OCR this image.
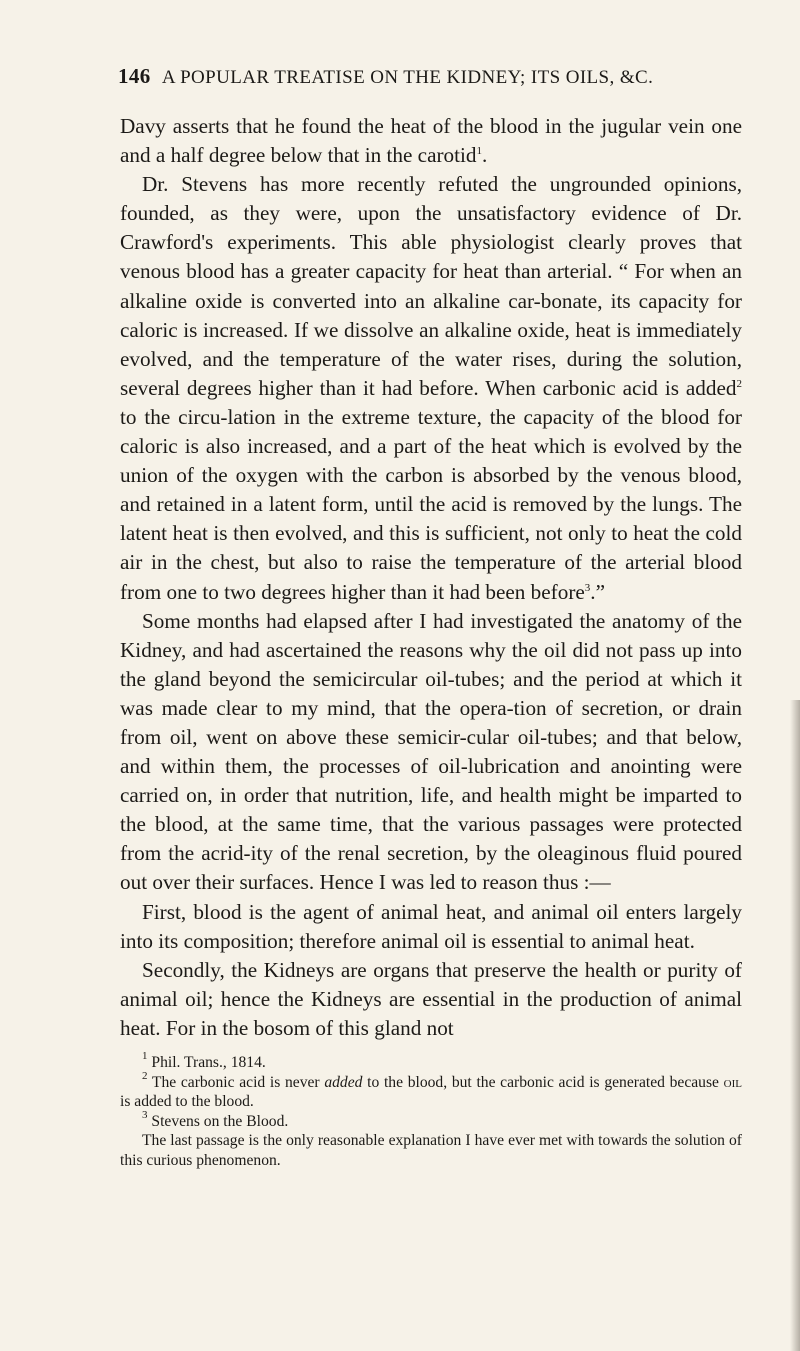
146 A POPULAR TREATISE ON THE KIDNEY; ITS OILS, &C.

Davy asserts that he found the heat of the blood in the jugular vein one and a half degree below that in the carotid$^1$.

Dr. Stevens has more recently refuted the ungrounded opinions, founded, as they were, upon the unsatisfactory evidence of Dr. Crawford's experiments. This able physiologist clearly proves that venous blood has a greater capacity for heat than arterial. “ For when an alkaline oxide is converted into an alkaline car-bonate, its capacity for caloric is increased. If we dissolve an alkaline oxide, heat is immediately evolved, and the temperature of the water rises, during the solution, several degrees higher than it had before. When carbonic acid is added$^2$ to the circu-lation in the extreme texture, the capacity of the blood for caloric is also increased, and a part of the heat which is evolved by the union of the oxygen with the carbon is absorbed by the venous blood, and retained in a latent form, until the acid is removed by the lungs. The latent heat is then evolved, and this is sufficient, not only to heat the cold air in the chest, but also to raise the temperature of the arterial blood from one to two degrees higher than it had been before$^3$.”

Some months had elapsed after I had investigated the anatomy of the Kidney, and had ascertained the reasons why the oil did not pass up into the gland beyond the semicircular oil-tubes; and the period at which it was made clear to my mind, that the opera-tion of secretion, or drain from oil, went on above these semicir-cular oil-tubes; and that below, and within them, the processes of oil-lubrication and anointing were carried on, in order that nutrition, life, and health might be imparted to the blood, at the same time, that the various passages were protected from the acrid-ity of the renal secretion, by the oleaginous fluid poured out over their surfaces. Hence I was led to reason thus :—

First, blood is the agent of animal heat, and animal oil enters largely into its composition; therefore animal oil is essential to animal heat.

Secondly, the Kidneys are organs that preserve the health or purity of animal oil; hence the Kidneys are essential in the production of animal heat. For in the bosom of this gland not

$^1$ Phil. Trans., 1814.

$^2$ The carbonic acid is never added to the blood, but the carbonic acid is generated because oil is added to the blood.

$^3$ Stevens on the Blood.

The last passage is the only reasonable explanation I have ever met with towards the solution of this curious phenomenon.
